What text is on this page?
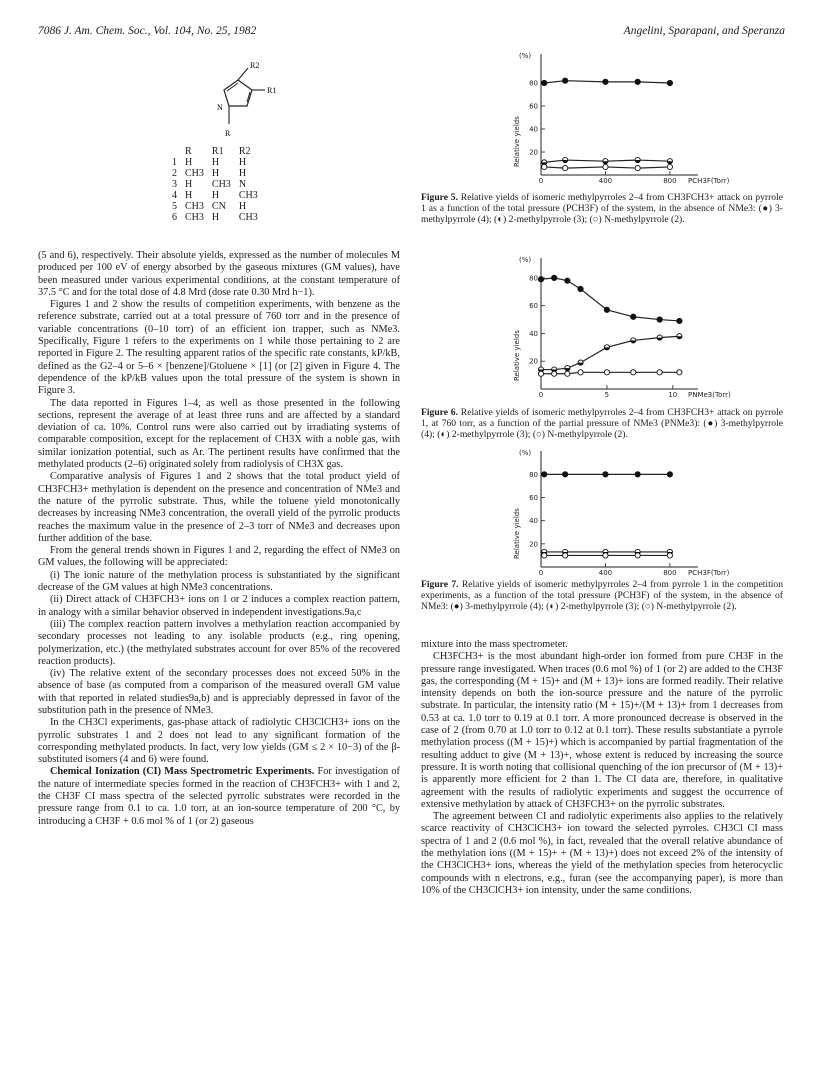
7086 J. Am. Chem. Soc., Vol. 104, No. 25, 1982	Angelini, Sparapani, and Speranza
R2
R1
N
R
	R	R1	R2
1	H	H	H
2	CH3	H	H
3	H	CH3	N
4	H	H	CH3
5	CH3	CN	H
6	CH3	H	CH3

(5 and 6), respectively. Their absolute yields, expressed as the number of molecules M produced per 100 eV of energy absorbed by the gaseous mixtures (GM values), have been measured under various experimental conditions, at the constant temperature of 37.5 °C and for the total dose of 4.8 Mrd (dose rate 0.30 Mrd h−1).

Figures 1 and 2 show the results of competition experiments, with benzene as the reference substrate, carried out at a total pressure of 760 torr and in the presence of variable concentrations (0–10 torr) of an efficient ion trapper, such as NMe3. Specifically, Figure 1 refers to the experiments on 1 while those pertaining to 2 are reported in Figure 2. The resulting apparent ratios of the specific rate constants, kP/kB, defined as the G2–4 or 5–6 × [benzene]/Gtoluene × [1] (or [2] given in Figure 4. The dependence of the kP/kB values upon the total pressure of the system is shown in Figure 3.

The data reported in Figures 1–4, as well as those presented in the following sections, represent the average of at least three runs and are affected by a standard deviation of ca. 10%. Control runs were also carried out by irradiating systems of comparable composition, except for the replacement of CH3X with a noble gas, with similar ionization potential, such as Ar. The pertinent results have confirmed that the methylated products (2–6) originated solely from radiolysis of CH3X gas.

Comparative analysis of Figures 1 and 2 shows that the total product yield of CH3FCH3+ methylation is dependent on the presence and concentration of NMe3 and the nature of the pyrrolic substrate. Thus, while the toluene yield monotonically decreases by increasing NMe3 concentration, the overall yield of the pyrrolic products reaches the maximum value in the presence of 2–3 torr of NMe3 and decreases upon further addition of the base.

From the general trends shown in Figures 1 and 2, regarding the effect of NMe3 on GM values, the following will be appreciated:

(i) The ionic nature of the methylation process is substantiated by the significant decrease of the GM values at high NMe3 concentrations.

(ii) Direct attack of CH3FCH3+ ions on 1 or 2 induces a complex reaction pattern, in analogy with a similar behavior observed in independent investigations.9a,c

(iii) The complex reaction pattern involves a methylation reaction accompanied by secondary processes not leading to any isolable products (e.g., ring opening, polymerization, etc.) (the methylated substrates account for over 85% of the recovered reaction products).

(iv) The relative extent of the secondary processes does not exceed 50% in the absence of base (as computed from a comparison of the measured overall GM value with that reported in related studies9a,b) and is appreciably depressed in favor of the substitution path in the presence of NMe3.

In the CH3Cl experiments, gas-phase attack of radiolytic CH3ClCH3+ ions on the pyrrolic substrates 1 and 2 does not lead to any significant formation of the corresponding methylated products. In fact, very low yields (GM ≤ 2 × 10−3) of the β-substituted isomers (4 and 6) were found.

Chemical Ionization (CI) Mass Spectrometric Experiments. For investigation of the nature of intermediate species formed in the reaction of CH3FCH3+ with 1 and 2, the CH3F CI mass spectra of the selected pyrrolic substrates were recorded in the pressure range from 0.1 to ca. 1.0 torr, at an ion-source temperature of 200 °C, by introducing a CH3F + 0.6 mol % of 1 (or 2) gaseous

(%)
Relative yields 20
40
60
80
0	400	800 PCH3F(Torr)
Figure 5. Relative yields of isomeric methylpyrroles 2–4 from CH3FCH3+ attack on pyrrole 1 as a function of the total pressure (PCH3F) of the system, in the absence of NMe3: (●) 3-methylpyrrole (4); (◐) 2-methylpyrrole (3); (○) N-methylpyrrole (2).
(%)
Relative yields 20
40
60
80
0	5	10 PNMe3(Torr)
Figure 6. Relative yields of isomeric methylpyrroles 2–4 from CH3FCH3+ attack on pyrrole 1, at 760 torr, as a function of the partial pressure of NMe3 (PNMe3): (●) 3-methylpyrrole (4); (◐) 2-methylpyrrole (3); (○) N-methylpyrrole (2).
(%)
Relative yields 20
40
60
80
0	400	800 PCH3F(Torr)
Figure 7. Relative yields of isomeric methylpyrroles 2–4 from pyrrole 1 in the competition experiments, as a function of the total pressure (PCH3F) of the system, in the absence of NMe3: (●) 3-methylpyrrole (4); (◐) 2-methylpyrrole (3); (○) N-methylpyrrole (2).

mixture into the mass spectrometer.

CH3FCH3+ is the most abundant high-order ion formed from pure CH3F in the pressure range investigated. When traces (0.6 mol %) of 1 (or 2) are added to the CH3F gas, the corresponding (M + 15)+ and (M + 13)+ ions are formed readily. Their relative intensity depends on both the ion-source pressure and the nature of the pyrrolic substrate. In particular, the intensity ratio (M + 15)+/(M + 13)+ from 1 decreases from 0.53 at ca. 1.0 torr to 0.19 at 0.1 torr. A more pronounced decrease is observed in the case of 2 (from 0.70 at 1.0 torr to 0.12 at 0.1 torr). These results substantiate a pyrrole methylation process ((M + 15)+) which is accompanied by partial fragmentation of the resulting adduct to give (M + 13)+, whose extent is reduced by increasing the source pressure. It is worth noting that collisional quenching of the ion precursor of (M + 13)+ is apparently more efficient for 2 than 1. The CI data are, therefore, in qualitative agreement with the results of radiolytic experiments and suggest the occurrence of extensive methylation by attack of CH3FCH3+ on the pyrrolic substrates.

The agreement between CI and radiolytic experiments also applies to the relatively scarce reactivity of CH3ClCH3+ ion toward the selected pyrroles. CH3Cl CI mass spectra of 1 and 2 (0.6 mol %), in fact, revealed that the overall relative abundance of the methylation ions ((M + 15)+ + (M + 13)+) does not exceed 2% of the intensity of the CH3ClCH3+ ions, whereas the yield of the methylation species from heterocyclic compounds with n electrons, e.g., furan (see the accompanying paper), is more than 10% of the CH3ClCH3+ ion intensity, under the same conditions.
